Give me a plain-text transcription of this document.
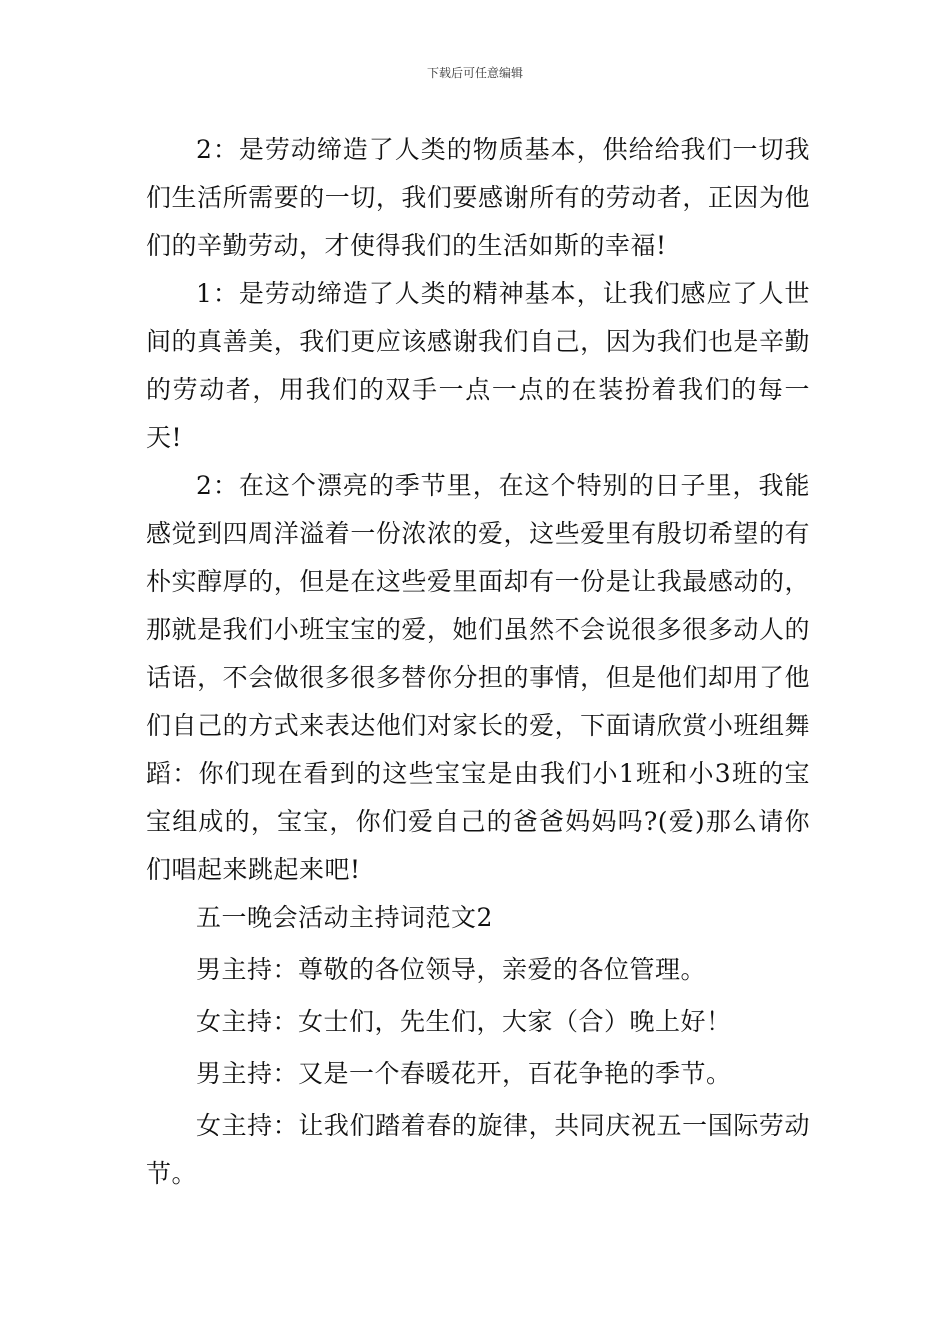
下载后可任意编辑

2：是劳动缔造了人类的物质基本，供给给我们一切我们生活所需要的一切，我们要感谢所有的劳动者，正因为他们的辛勤劳动，才使得我们的生活如斯的幸福!

1：是劳动缔造了人类的精神基本，让我们感应了人世间的真善美，我们更应该感谢我们自己，因为我们也是辛勤的劳动者，用我们的双手一点一点的在装扮着我们的每一天!

2：在这个漂亮的季节里，在这个特别的日子里，我能感觉到四周洋溢着一份浓浓的爱，这些爱里有殷切希望的有朴实醇厚的，但是在这些爱里面却有一份是让我最感动的，那就是我们小班宝宝的爱，她们虽然不会说很多很多动人的话语，不会做很多很多替你分担的事情，但是他们却用了他们自己的方式来表达他们对家长的爱，下面请欣赏小班组舞蹈：你们现在看到的这些宝宝是由我们小1班和小3班的宝宝组成的，宝宝，你们爱自己的爸爸妈妈吗?(爱)那么请你们唱起来跳起来吧!

五一晚会活动主持词范文2

男主持：尊敬的各位领导，亲爱的各位管理。

女主持：女士们，先生们，大家（合）晚上好！

男主持：又是一个春暖花开，百花争艳的季节。

女主持：让我们踏着春的旋律，共同庆祝五一国际劳动节。
